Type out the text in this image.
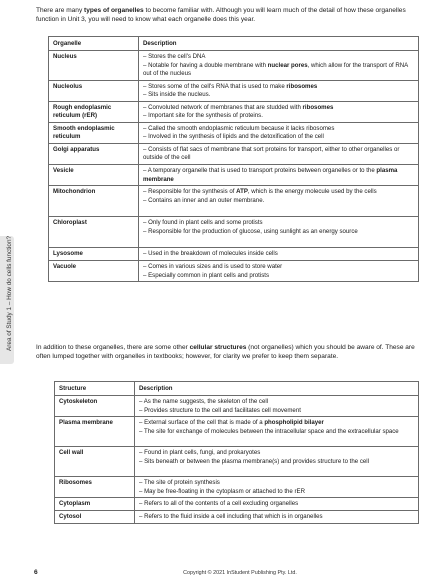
Area of Study 1 – How do cells function?

There are many types of organelles to become familiar with. Although you will learn much of the detail of how these organelles function in Unit 3, you will need to know what each organelle does this year.

Organelle	Description
Nucleus	– Stores the cell's DNA
– Notable for having a double membrane with nuclear pores, which allow for the transport of RNA out of the nucleus

Nucleolus	– Stores some of the cell's RNA that is used to make ribosomes
– Sits inside the nucleus.

Rough endoplasmic reticulum (rER)	– Convoluted network of membranes that are studded with ribosomes
– Important site for the synthesis of proteins.

Smooth endoplasmic reticulum	– Called the smooth endoplasmic reticulum because it lacks ribosomes
– Involved in the synthesis of lipids and the detoxification of the cell

Golgi apparatus	– Consists of flat sacs of membrane that sort proteins for transport, either to other organelles or outside of the cell

Vesicle	– A temporary organelle that is used to transport proteins between organelles or to the plasma membrane

Mitochondrion	– Responsible for the synthesis of ATP, which is the energy molecule used by the cells
– Contains an inner and an outer membrane.

Chloroplast	– Only found in plant cells and some protists
– Responsible for the production of glucose, using sunlight as an energy source

Lysosome	– Used in the breakdown of molecules inside cells

Vacuole	– Comes in various sizes and is used to store water
– Especially common in plant cells and protists

In addition to these organelles, there are some other cellular structures (not organelles) which you should be aware of. These are often lumped together with organelles in textbooks; however, for clarity we prefer to keep them separate.

Structure	Description
Cytoskeleton	– As the name suggests, the skeleton of the cell
– Provides structure to the cell and facilitates cell movement

Plasma membrane	– External surface of the cell that is made of a phospholipid bilayer
– The site for exchange of molecules between the intracellular space and the extracellular space

Cell wall	– Found in plant cells, fungi, and prokaryotes
– Sits beneath or between the plasma membrane(s) and provides structure to the cell

Ribosomes	– The site of protein synthesis
– May be free-floating in the cytoplasm or attached to the rER

Cytoplasm	– Refers to all of the contents of a cell excluding organelles

Cytosol	– Refers to the fluid inside a cell including that which is in organelles
6	Copyright © 2021 InStudent Publishing Pty. Ltd.
